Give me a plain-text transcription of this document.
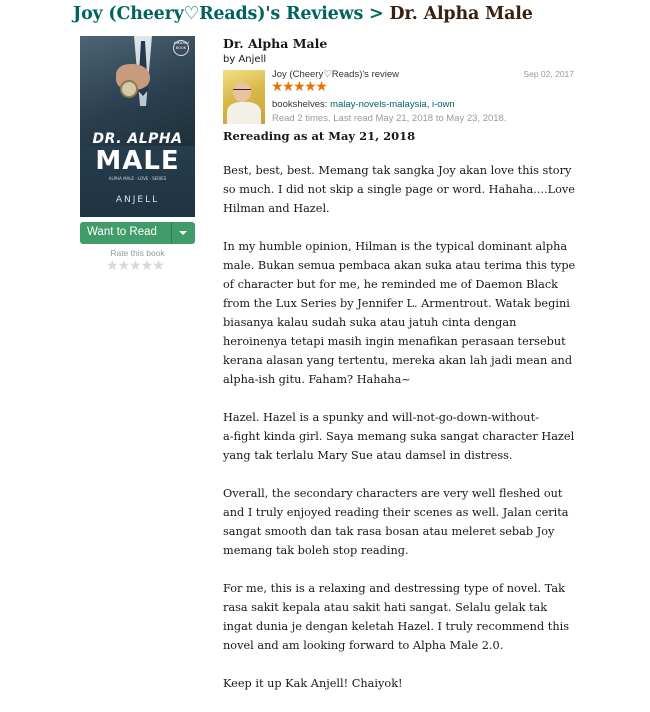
Joy (Cheery♡Reads)'s Reviews > Dr. Alpha Male
HIKAYAH BOOK
DR. ALPHA
MALE
ALPHA MALE · LOVE · SERIES
ANJELL
Want to Read
Rate this book
★★★★★
Dr. Alpha Male
by Anjell
Joy (Cheery♡Reads)'s review	Sep 02, 2017
★★★★★
bookshelves: malay-novels-malaysia, i-own
Read 2 times. Last read May 21, 2018 to May 23, 2018.
Rereading as at May 21, 2018

Best, best, best. Memang tak sangka Joy akan love this story
so much. I did not skip a single page or word. Hahaha....Love
Hilman and Hazel.

In my humble opinion, Hilman is the typical dominant alpha
male. Bukan semua pembaca akan suka atau terima this type
of character but for me, he reminded me of Daemon Black
from the Lux Series by Jennifer L. Armentrout. Watak begini
biasanya kalau sudah suka atau jatuh cinta dengan
heroinenya tetapi masih ingin menafikan perasaan tersebut
kerana alasan yang tertentu, mereka akan lah jadi mean and
alpha-ish gitu. Faham? Hahaha~

Hazel. Hazel is a spunky and will-not-go-down-without-
a-fight kinda girl. Saya memang suka sangat character Hazel
yang tak terlalu Mary Sue atau damsel in distress.

Overall, the secondary characters are very well fleshed out
and I truly enjoyed reading their scenes as well. Jalan cerita
sangat smooth dan tak rasa bosan atau meleret sebab Joy
memang tak boleh stop reading.

For me, this is a relaxing and destressing type of novel. Tak
rasa sakit kepala atau sakit hati sangat. Selalu gelak tak
ingat dunia je dengan keletah Hazel. I truly recommend this
novel and am looking forward to Alpha Male 2.0.

Keep it up Kak Anjell! Chaiyok!
